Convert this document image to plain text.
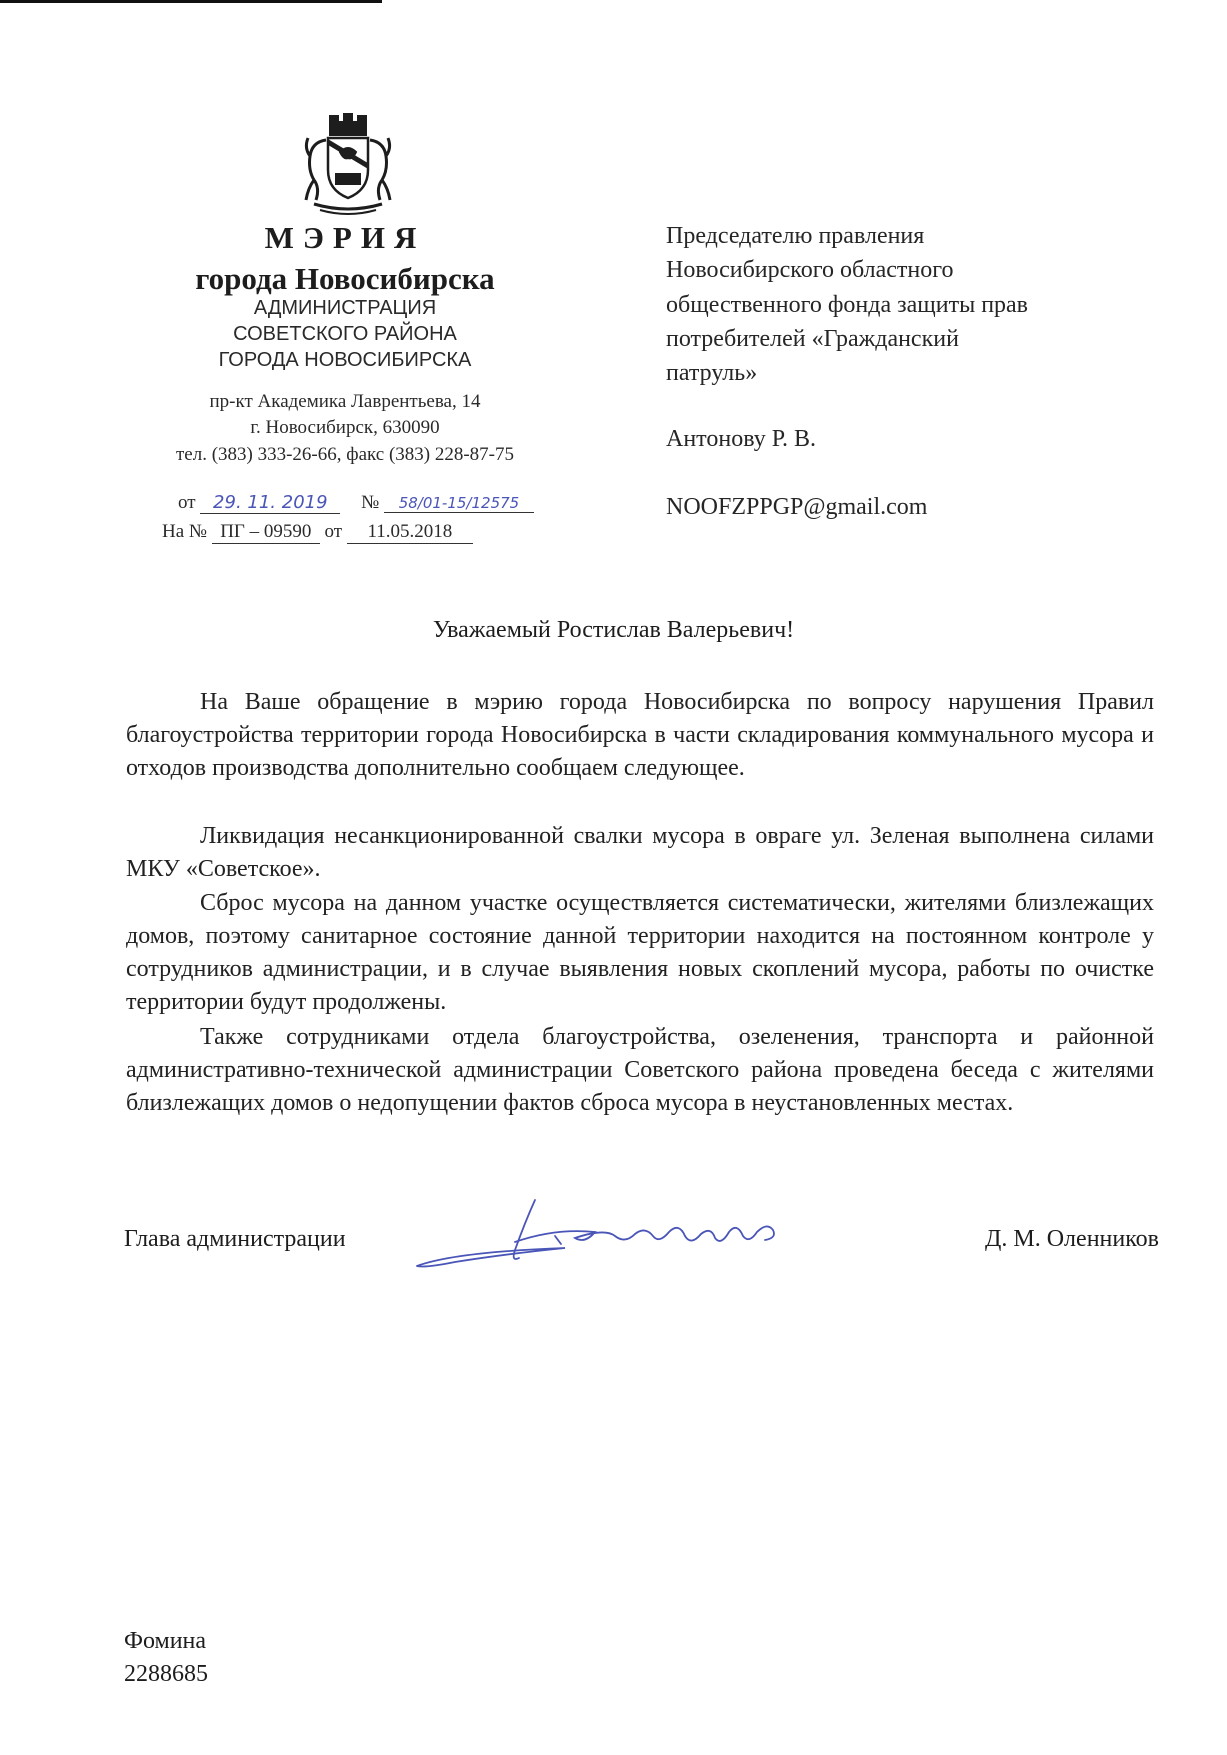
МЭРИЯ
города Новосибирска
АДМИНИСТРАЦИЯ
СОВЕТСКОГО РАЙОНА
ГОРОДА НОВОСИБИРСКА
пр-кт Академика Лаврентьева, 14
г. Новосибирск, 630090
тел. (383) 333-26-66, факс (383) 228-87-75
от 29. 11. 2019 № 58/01-15/12575
На № ПГ – 09590 от 11.05.2018
Председателю правления
Новосибирского областного
общественного фонда защиты прав
потребителей «Гражданский
патруль»
Антонову Р. В.
NOOFZPPGP@gmail.com
Уважаемый Ростислав Валерьевич!

На Ваше обращение в мэрию города Новосибирска по вопросу нарушения Правил благоустройства территории города Новосибирска в части складирования коммунального мусора и отходов производства дополнительно сообщаем следующее.

Ликвидация несанкционированной свалки мусора в овраге ул. Зеленая выполнена силами МКУ «Советское».

Сброс мусора на данном участке осуществляется систематически, жителями близлежащих домов, поэтому санитарное состояние данной территории находится на постоянном контроле у сотрудников администрации, и в случае выявления новых скоплений мусора, работы по очистке территории будут продолжены.

Также сотрудниками отдела благоустройства, озеленения, транспорта и районной административно-технической администрации Советского района проведена беседа с жителями близлежащих домов о недопущении фактов сброса мусора в неустановленных местах.

Глава администрации	Д. М. Оленников
Фомина
2288685
